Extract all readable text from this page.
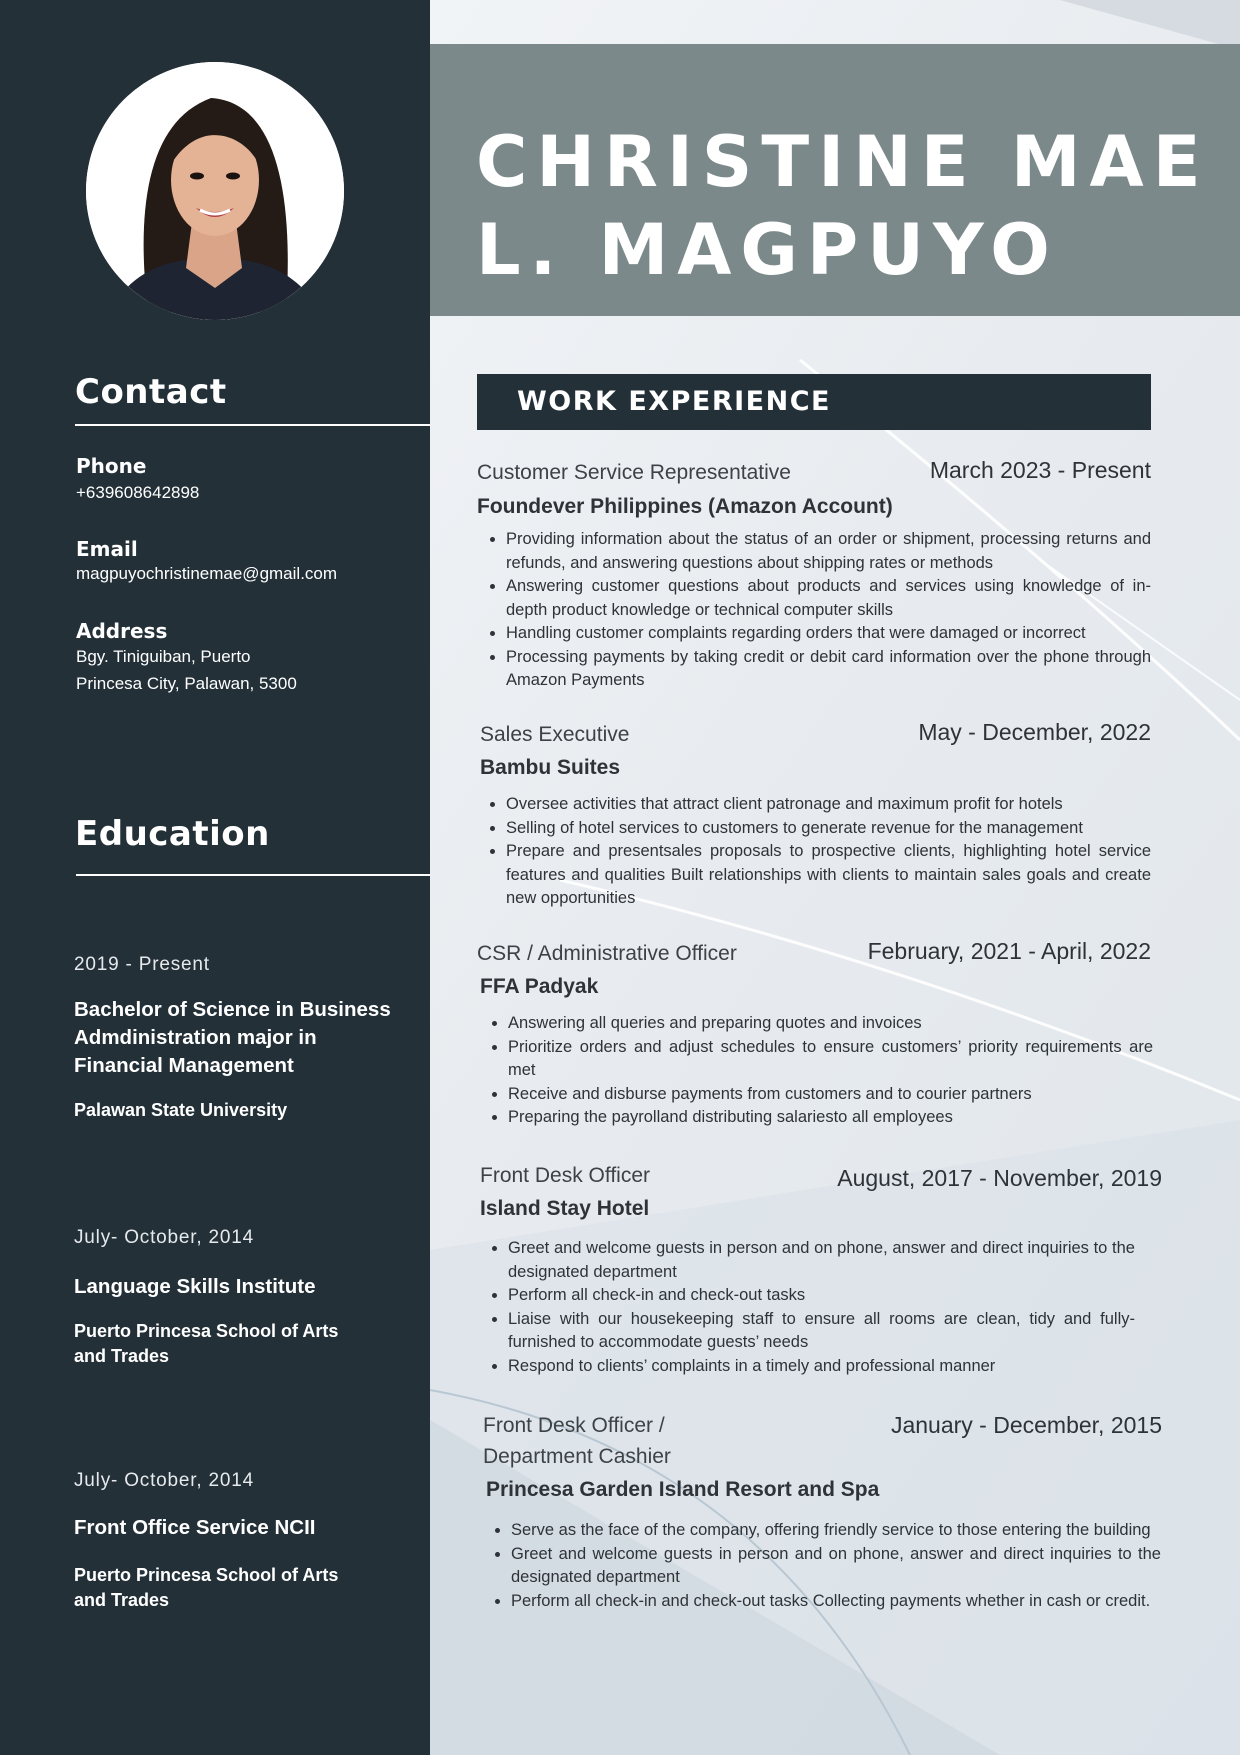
Contact
Phone
+639608642898
Email
magpuyochristinemae@gmail.com
Address
Bgy. Tiniguiban, Puerto
Princesa City, Palawan, 5300
Education
2019 - Present
Bachelor of Science in Business
Admdinistration major in
Financial Management
Palawan State University
July- October, 2014
Language Skills Institute
Puerto Princesa School of Arts
and Trades
July- October, 2014
Front Office Service NCII
Puerto Princesa School of Arts
and Trades
CHRISTINE MAE
L. MAGPUYO
WORK EXPERIENCE
Customer Service Representative	March 2023 - Present
Foundever Philippines (Amazon Account)
• Providing information about the status of an order or shipment, processing returns and refunds, and answering questions about shipping rates or methods
• Answering customer questions about products and services using knowledge of in-depth product knowledge or technical computer skills
• Handling customer complaints regarding orders that were damaged or incorrect
• Processing payments by taking credit or debit card information over the phone through Amazon Payments
Sales Executive	May - December, 2022
Bambu Suites
• Oversee activities that attract client patronage and maximum profit for hotels
• Selling of hotel services to customers to generate revenue for the management
• Prepare and presentsales proposals to prospective clients, highlighting hotel service features and qualities Built relationships with clients to maintain sales goals and create new opportunities
CSR / Administrative Officer	February, 2021 - April, 2022
FFA Padyak
• Answering all queries and preparing quotes and invoices
• Prioritize orders and adjust schedules to ensure customers’ priority requirements are met
• Receive and disburse payments from customers and to courier partners
• Preparing the payrolland distributing salariesto all employees
Front Desk Officer	August, 2017 - November, 2019
Island Stay Hotel
• Greet and welcome guests in person and on phone, answer and direct inquiries to the designated department
• Perform all check-in and check-out tasks
• Liaise with our housekeeping staff to ensure all rooms are clean, tidy and fully-furnished to accommodate guests’ needs
• Respond to clients’ complaints in a timely and professional manner
Front Desk Officer /
Department Cashier
January - December, 2015
Princesa Garden Island Resort and Spa
• Serve as the face of the company, offering friendly service to those entering the building
• Greet and welcome guests in person and on phone, answer and direct inquiries to the designated department
• Perform all check-in and check-out tasks Collecting payments whether in cash or credit.
